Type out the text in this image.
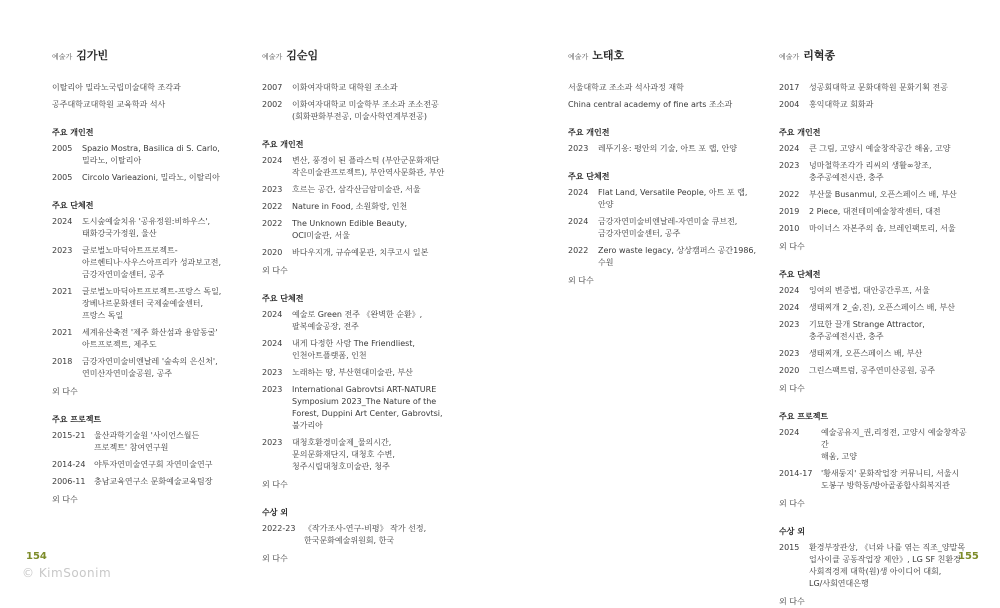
예술가 김가빈

이탈리아 밀라노국립미술대학 조각과

공주대학교대학원 교육학과 석사

주요 개인전
2005	Spazio Mostra, Basilica di S. Carlo,
밀라노, 이탈리아
2005	Circolo Varieazioni, 밀라노, 이탈리아
주요 단체전
2024	도시숲예술치유 '공유정원:비하우스',
태화강국가정원, 울산
2023	글로벌노마딕아트프로젝트-
아르헨티나·사우스아프리카 성과보고전,
금강자연미술센터, 공주
2021	글로벌노마딕아트프로젝트-프랑스 독일,
장베나르문화센터 국제숲예술센터,
프랑스 독일
2021	세계유산축전 '제주 화산섬과 용암동굴'
아트프로젝트, 제주도
2018	금강자연미술비엔날레 '숲속의 은신처',
연미산자연미술공원, 공주
외 다수
주요 프로젝트
2015-21	울산과학기술원 '사이언스월든
프로젝트' 참여연구원
2014-24	야투자연미술연구회 자연미술연구
2006-11	충남교육연구소 문화예술교육팀장
외 다수
예술가 김순임
2007	이화여자대학교 대학원 조소과
2002	이화여자대학교 미술학부 조소과 조소전공
(회화판화부전공, 미술사학연계부전공)
주요 개인전
2024	변산, 풍경이 된 플라스틱 (부안군문화재단
작은미술관프로젝트), 부안역사문화관, 부안
2023	흐르는 공간, 삼각산금암미술관, 서울
2022	Nature in Food, 소원화랑, 인천
2022	The Unknown Edible Beauty,
OCI미술관, 서울
2020	바다우지개, 규슈예문관, 치쿠고시 일본
외 다수
주요 단체전
2024	예술로 Green 전주 《완벽한 순환》,
팔복예술공장, 전주
2024	내게 다정한 사람 The Friendliest,
인천아트플랫폼, 인천
2023	노래하는 땅, 부산현대미술관, 부산
2023	International Gabrovtsi ART-NATURE
Symposium 2023_The Nature of the
Forest, Duppini Art Center, Gabrovtsi,
불가리아
2023	대청호환경미술제_물의시간,
문의문화재단지, 대청호 수변,
청주시립대청호미술관, 청주
외 다수
수상 외
2022-23	《작가조사-연구-비평》 작가 선정,
한국문화예술위원회, 한국
외 다수
예술가 노태호

서울대학교 조소과 석사과정 재학

China central academy of fine arts 조소과

주요 개인전
2023	레뚜기옹: 평안의 기술, 아트 포 랩, 안양
주요 단체전
2024	Flat Land, Versatile People, 아트 포 랩,
안양
2024	금강자연미술비엔날레-자연미술 큐브전,
금강자연미술센터, 공주
2022	Zero waste legacy, 상상캠퍼스 공간1986,
수원
외 다수
예술가 리혁종
2017	성공회대학교 문화대학원 문화기획 전공
2004	홍익대학교 회화과
주요 개인전
2024	큰 그림, 고양시 예술창작공간 해움, 고양
2023	넝마철학조각가 리씨의 생활∞창조,
충주공예전시관, 충주
2022	부산물 Busanmul, 오픈스페이스 배, 부산
2019	2 Piece, 대전테미예술창작센터, 대전
2010	마이너스 자본주의 숍, 브레인팩토리, 서울
외 다수
주요 단체전
2024	잉여의 변증법, 대안공간루프, 서울
2024	생태찌개 2_숨,진), 오픈스페이스 배, 부산
2023	기묘한 끌개 Strange Attractor,
충주공예전시관, 충주
2023	생태찌개, 오픈스페이스 배, 부산
2020	그린스팩트럼, 공주연미산공원, 공주
외 다수
주요 프로젝트
2024	예술공유지_권,리정전, 고양시 예술창작공간
해움, 고양
2014-17	'황새둥지' 문화작업장 커뮤니티, 서울시
도봉구 방학동/방아골종합사회복지관
외 다수
수상 외
2015	환경부장관상, 《너와 나를 엮는 직조_양말목
업사이클 공동작업장 제안》, LG SF 친환경
사회적경제 대학(원)생 아이디어 대회,
LG/사회연대은행
외 다수
154	155
© KimSoonim
